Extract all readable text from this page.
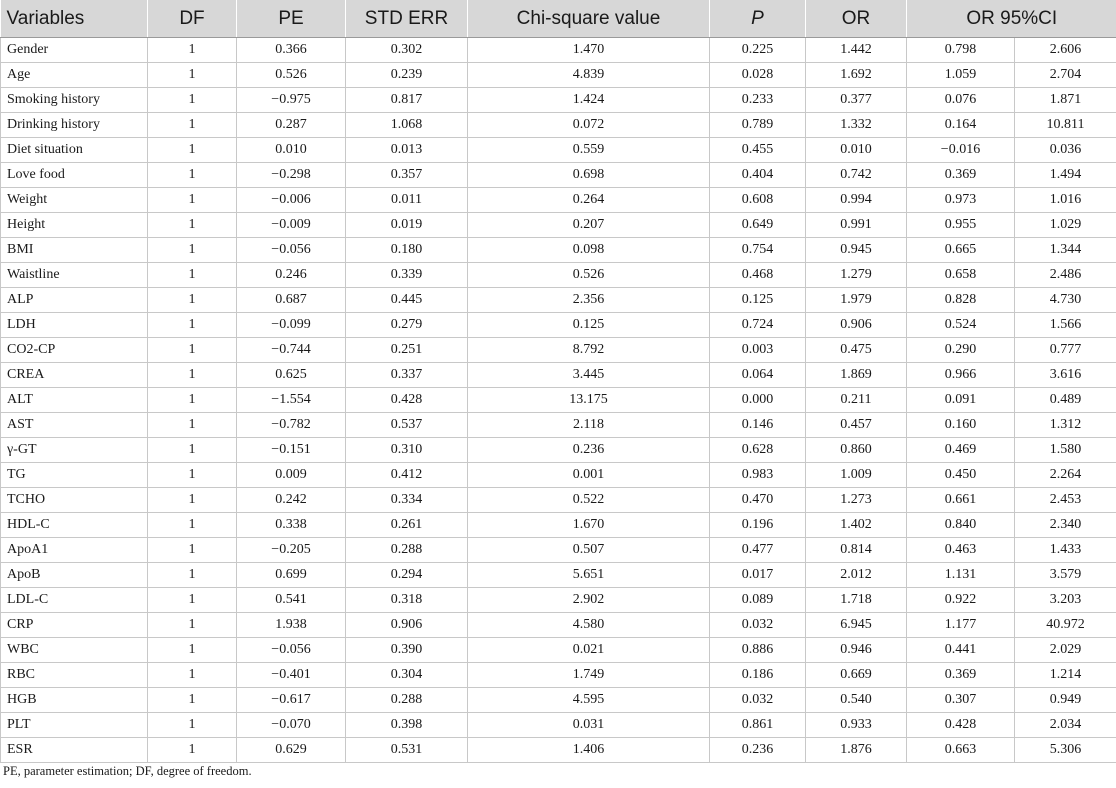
Variables	DF	PE	STD ERR	Chi-square value	P	OR	OR 95%CI	
Gender	1	0.366	0.302	1.470	0.225	1.442	0.798	2.606
Age	1	0.526	0.239	4.839	0.028	1.692	1.059	2.704
Smoking history	1	−0.975	0.817	1.424	0.233	0.377	0.076	1.871
Drinking history	1	0.287	1.068	0.072	0.789	1.332	0.164	10.811
Diet situation	1	0.010	0.013	0.559	0.455	0.010	−0.016	0.036
Love food	1	−0.298	0.357	0.698	0.404	0.742	0.369	1.494
Weight	1	−0.006	0.011	0.264	0.608	0.994	0.973	1.016
Height	1	−0.009	0.019	0.207	0.649	0.991	0.955	1.029
BMI	1	−0.056	0.180	0.098	0.754	0.945	0.665	1.344
Waistline	1	0.246	0.339	0.526	0.468	1.279	0.658	2.486
ALP	1	0.687	0.445	2.356	0.125	1.979	0.828	4.730
LDH	1	−0.099	0.279	0.125	0.724	0.906	0.524	1.566
CO2-CP	1	−0.744	0.251	8.792	0.003	0.475	0.290	0.777
CREA	1	0.625	0.337	3.445	0.064	1.869	0.966	3.616
ALT	1	−1.554	0.428	13.175	0.000	0.211	0.091	0.489
AST	1	−0.782	0.537	2.118	0.146	0.457	0.160	1.312
γ-GT	1	−0.151	0.310	0.236	0.628	0.860	0.469	1.580
TG	1	0.009	0.412	0.001	0.983	1.009	0.450	2.264
TCHO	1	0.242	0.334	0.522	0.470	1.273	0.661	2.453
HDL-C	1	0.338	0.261	1.670	0.196	1.402	0.840	2.340
ApoA1	1	−0.205	0.288	0.507	0.477	0.814	0.463	1.433
ApoB	1	0.699	0.294	5.651	0.017	2.012	1.131	3.579
LDL-C	1	0.541	0.318	2.902	0.089	1.718	0.922	3.203
CRP	1	1.938	0.906	4.580	0.032	6.945	1.177	40.972
WBC	1	−0.056	0.390	0.021	0.886	0.946	0.441	2.029
RBC	1	−0.401	0.304	1.749	0.186	0.669	0.369	1.214
HGB	1	−0.617	0.288	4.595	0.032	0.540	0.307	0.949
PLT	1	−0.070	0.398	0.031	0.861	0.933	0.428	2.034
ESR	1	0.629	0.531	1.406	0.236	1.876	0.663	5.306

PE, parameter estimation; DF, degree of freedom.
